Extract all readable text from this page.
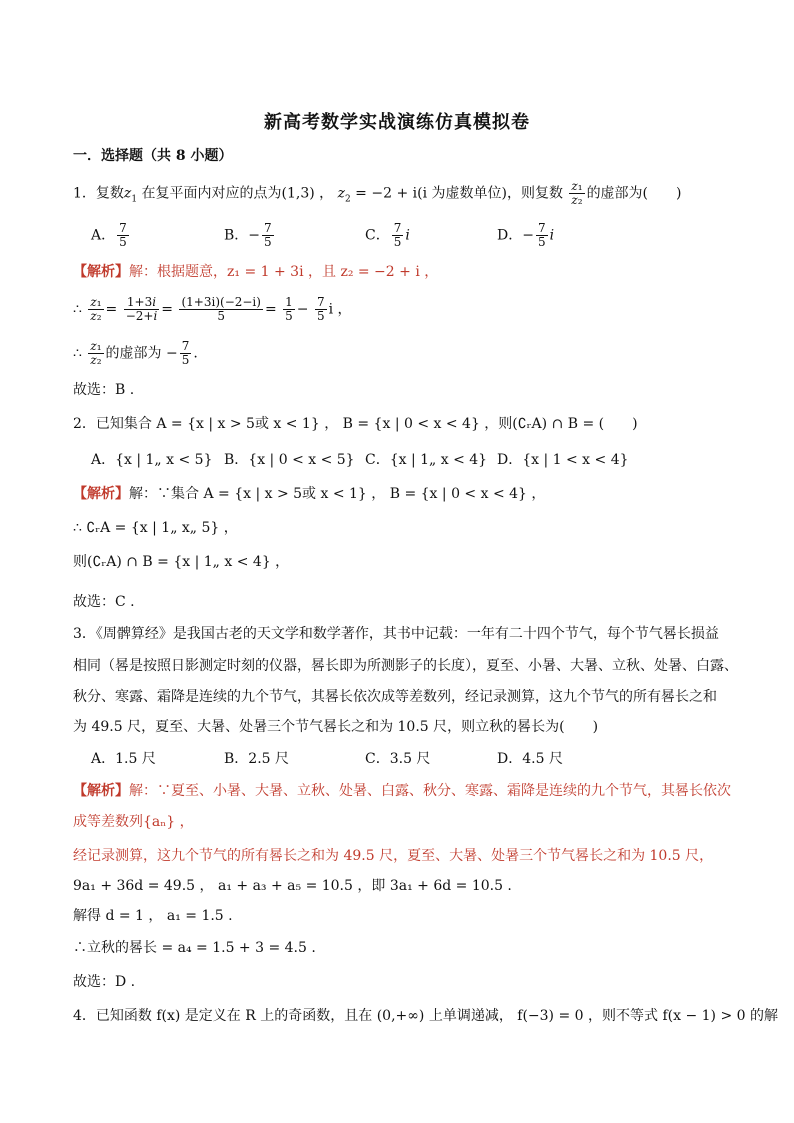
新高考数学实战演练仿真模拟卷
一．选择题（共 8 小题）
1．复数$z_1$ 在复平面内对应的点为(1,3) ， $z_2 = -2 + i(i$ 为虚数单位)，则复数 $\frac{\text{z₁}}{\text{z₂}}$ 的虚部为(　　)
A． $\frac{7}{5}$	B．− $\frac{7}{5}$	C． $\frac{7}{5}$ i	D．− $\frac{7}{5}$ i
【解析】解：根据题意，z₁ = 1 + 3i ，且 z₂ = −2 + i ，
∴ $\frac{\text{z₁}}{\text{z₂}} = \frac{1+3i}{-2+i} = \frac{(1+3i)(-2-i)}{5} = \frac{1}{5} - \frac{7}{5}$ i ，
∴ $\frac{\text{z₁}}{\text{z₂}}$ 的虚部为 − $\frac{7}{5}$ .
故选：B .
2．已知集合 A = {x | x > 5或 x < 1} ， B = {x | 0 < x < 4} ，则(∁ᵣA) ∩ B = (　　)
A．{x | 1„ x < 5} B．{x | 0 < x < 5} C．{x | 1„ x < 4} D．{x | 1 < x < 4}
【解析】解：∵集合 A = {x | x > 5或 x < 1} ， B = {x | 0 < x < 4} ，
∴ ∁ᵣA = {x | 1„ x„ 5} ，
则(∁ᵣA) ∩ B = {x | 1„ x < 4} ，
故选：C .
3．《周髀算经》是我国古老的天文学和数学著作，其书中记载：一年有二十四个节气，每个节气晷长损益
相同（晷是按照日影测定时刻的仪器，晷长即为所测影子的长度），夏至、小暑、大暑、立秋、处暑、白露、
秋分、寒露、霜降是连续的九个节气，其晷长依次成等差数列，经记录测算，这九个节气的所有晷长之和
为 49.5 尺，夏至、大暑、处暑三个节气晷长之和为 10.5 尺，则立秋的晷长为(　　)
A．1.5 尺	B．2.5 尺	C．3.5 尺	D．4.5 尺
【解析】解：∵夏至、小暑、大暑、立秋、处暑、白露、秋分、寒露、霜降是连续的九个节气，其晷长依次
成等差数列{aₙ} ，
经记录测算，这九个节气的所有晷长之和为 49.5 尺，夏至、大暑、处暑三个节气晷长之和为 10.5 尺，
9a₁ + 36d = 49.5 ， a₁ + a₃ + a₅ = 10.5 ，即 3a₁ + 6d = 10.5 .
解得 d = 1 ， a₁ = 1.5 .
∴立秋的晷长 = a₄ = 1.5 + 3 = 4.5 .
故选：D .
4．已知函数 f(x) 是定义在 R 上的奇函数，且在 (0,+∞) 上单调递减， f(−3) = 0 ，则不等式 f(x − 1) > 0 的解
